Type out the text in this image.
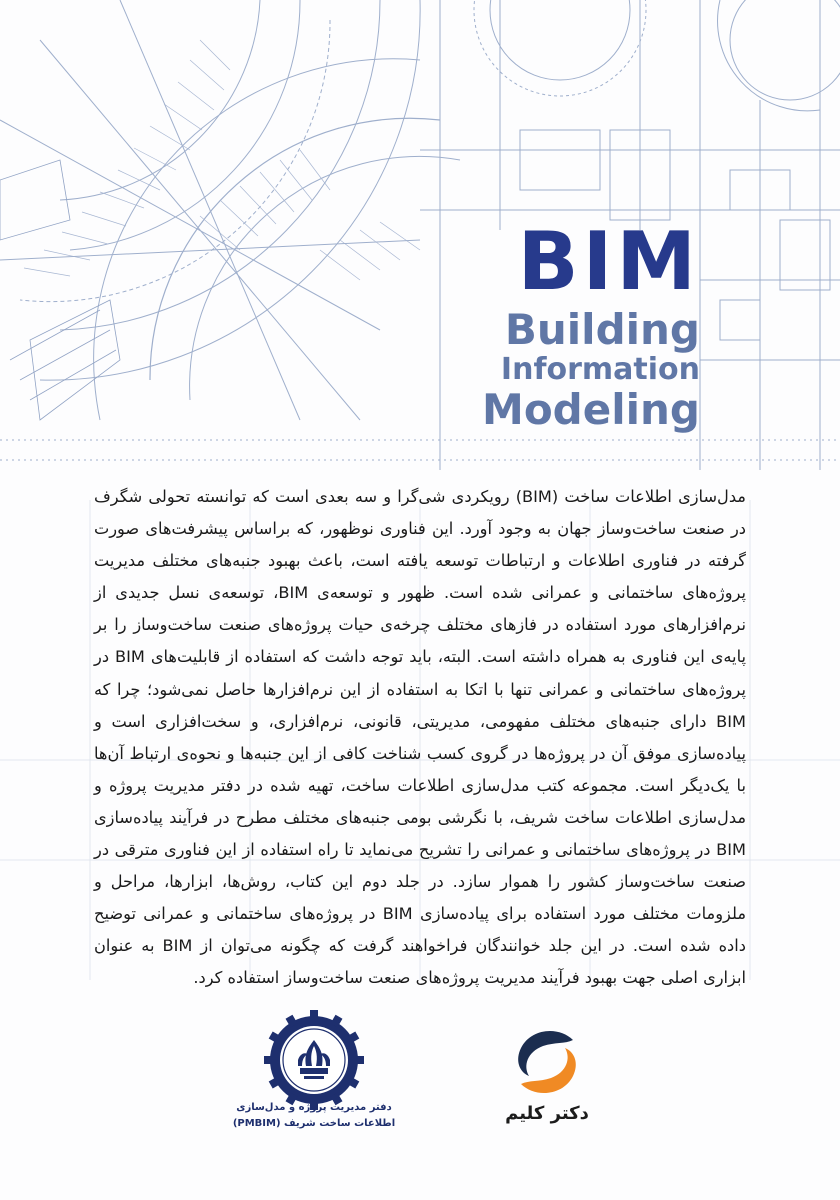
BIM
Building
Information
Modeling

مدل‌سازی اطلاعات ساخت (BIM) رویکردی شی‌گرا و سه بعدی است که توانسته تحولی شگرف در صنعت ساخت‌وساز جهان به وجود آورد. این فناوری نوظهور، که براساس پیشرفت‌های صورت گرفته در فناوری اطلاعات و ارتباطات توسعه یافته است، باعث بهبود جنبه‌های مختلف مدیریت پروژه‌های ساختمانی و عمرانی شده است. ظهور و توسعه‌ی BIM، توسعه‌ی نسل جدیدی از نرم‌افزارهای مورد استفاده در فازهای مختلف چرخه‌ی حیات پروژه‌های صنعت ساخت‌وساز را بر پایه‌ی این فناوری به همراه داشته است. البته، باید توجه داشت که استفاده از قابلیت‌های BIM در پروژه‌های ساختمانی و عمرانی تنها با اتکا به استفاده از این نرم‌افزارها حاصل نمی‌شود؛ چرا که BIM دارای جنبه‌های مختلف مفهومی، مدیریتی، قانونی، نرم‌افزاری، و سخت‌افزاری است و پیاده‌سازی موفق آن در پروژه‌ها در گروی کسب شناخت کافی از این جنبه‌ها و نحوه‌ی ارتباط آن‌ها با یک‌دیگر است. مجموعه کتب مدل‌سازی اطلاعات ساخت، تهیه شده در دفتر مدیریت پروژه و مدل‌سازی اطلاعات ساخت شریف، با نگرشی بومی جنبه‌های مختلف مطرح در فرآیند پیاده‌سازی BIM در پروژه‌های ساختمانی و عمرانی را تشریح می‌نماید تا راه استفاده از این فناوری مترقی در صنعت ساخت‌وساز کشور را هموار سازد. در جلد دوم این کتاب، روش‌ها، ابزارها، مراحل و ملزومات مختلف مورد استفاده برای پیاده‌سازی BIM در پروژه‌های ساختمانی و عمرانی توضیح داده شده است. در این جلد خوانندگان فراخواهند گرفت که چگونه می‌توان از BIM به عنوان ابزاری اصلی جهت بهبود فرآیند مدیریت پروژه‌های صنعت ساخت‌وساز استفاده کرد.

دفتر مدیریت پروژه و مدل‌سازی
اطلاعات ساخت شریف (PMBIM)	دکتر کلیم
